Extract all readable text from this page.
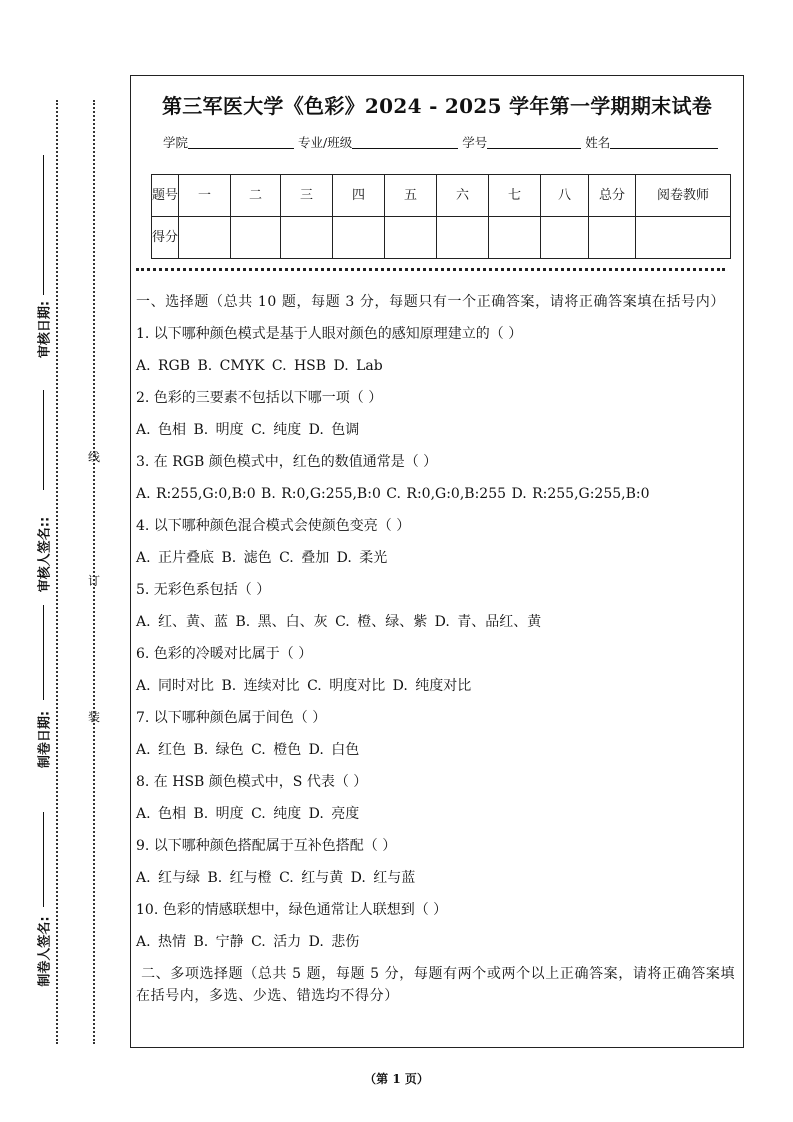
线
订
装
审核日期:
审核人签名::
制卷日期:
制卷人签名:
第三军医大学《色彩》2024 - 2025 学年第一学期期末试卷
学院	专业/班级	学号	姓名
题号	一	二	三	四	五	六	七	八	总分	阅卷教师
得分										

一、选择题（总共 10 题，每题 3 分，每题只有一个正确答案，请将正确答案填在括号内）

1. 以下哪种颜色模式是基于人眼对颜色的感知原理建立的（ ）

A. RGB B. CMYK C. HSB D. Lab

2. 色彩的三要素不包括以下哪一项（ ）

A. 色相 B. 明度 C. 纯度 D. 色调

3. 在 RGB 颜色模式中，红色的数值通常是（ ）

A. R:255,G:0,B:0 B. R:0,G:255,B:0 C. R:0,G:0,B:255 D. R:255,G:255,B:0

4. 以下哪种颜色混合模式会使颜色变亮（ ）

A. 正片叠底 B. 滤色 C. 叠加 D. 柔光

5. 无彩色系包括（ ）

A. 红、黄、蓝 B. 黑、白、灰 C. 橙、绿、紫 D. 青、品红、黄

6. 色彩的冷暖对比属于（ ）

A. 同时对比 B. 连续对比 C. 明度对比 D. 纯度对比

7. 以下哪种颜色属于间色（ ）

A. 红色 B. 绿色 C. 橙色 D. 白色

8. 在 HSB 颜色模式中，S 代表（ ）

A. 色相 B. 明度 C. 纯度 D. 亮度

9. 以下哪种颜色搭配属于互补色搭配（ ）

A. 红与绿 B. 红与橙 C. 红与黄 D. 红与蓝

10. 色彩的情感联想中，绿色通常让人联想到（ ）

A. 热情 B. 宁静 C. 活力 D. 悲伤

二、多项选择题（总共 5 题，每题 5 分，每题有两个或两个以上正确答案，请将正确答案填在括号内，多选、少选、错选均不得分）

（第 1 页）
